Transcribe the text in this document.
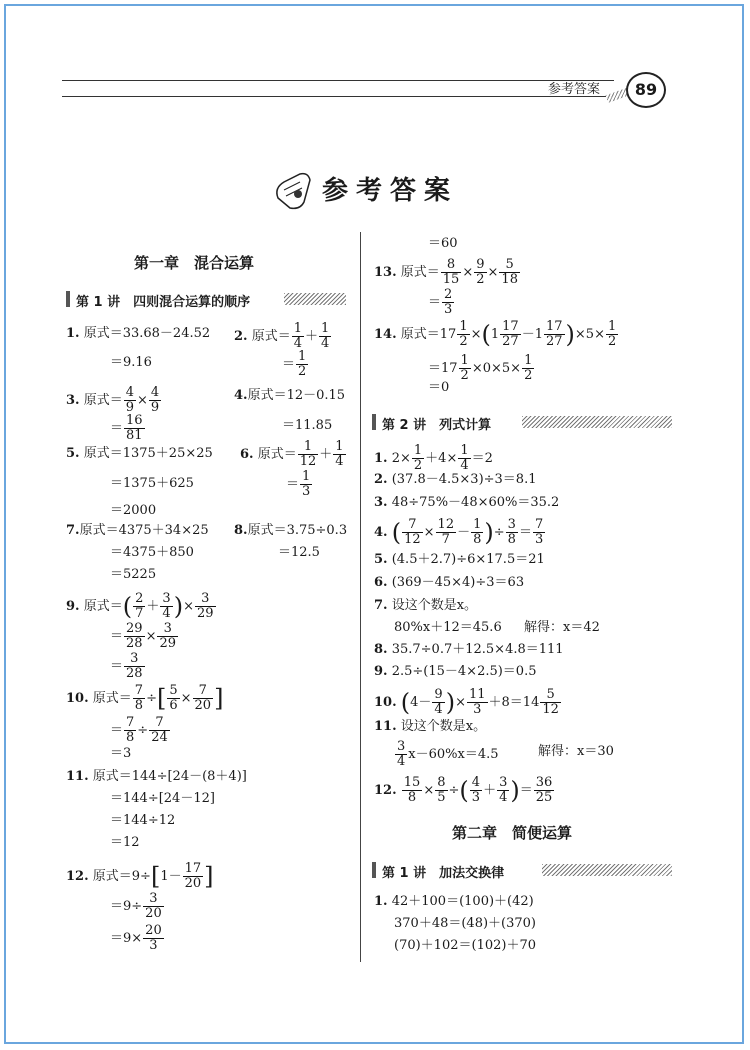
参考答案	89
参考答案
第一章　混合运算
第 1 讲　四则混合运算的顺序
1. 原式＝33.68－24.52
＝9.16
2. 原式＝ $\frac{1}{4} + \frac{1}{4}$
＝ $\frac{1}{2}$
3. 原式＝ $\frac{4}{9} \times \frac{4}{9}$
＝ $\frac{16}{81}$
4.原式＝12－0.15
＝11.85
5. 原式＝1375＋25×25
＝1375＋625
＝2000
6. 原式＝ $\frac{1}{12} + \frac{1}{4}$
＝ $\frac{1}{3}$
7.原式＝4375＋34×25
＝4375＋850
＝5225
8.原式＝3.75÷0.3
＝12.5
9. 原式＝( $\frac{2}{7} + \frac{3}{4}$ )× $\frac{3}{29}$
＝ $\frac{29}{28} \times \frac{3}{29}$
＝ $\frac{3}{28}$
10. 原式＝ $\frac{7}{8}$ ÷[ $\frac{5}{6} \times \frac{7}{20}$ ]
＝ $\frac{7}{8} \div \frac{7}{24}$
＝3
11. 原式＝144÷[24－(8＋4)]
＝144÷[24－12]
＝144÷12
＝12
12. 原式$=9\div[1- \frac{17}{20}$ ]
$=9\div \frac{3}{20}$
$=9\times \frac{20}{3}$
＝60
13. 原式＝ $\frac{8}{15} \times \frac{9}{2} \times \frac{5}{18}$
＝ $\frac{2}{3}$
14. 原式$=17 \frac{1}{2} \times(1 \frac{17}{27} -1 \frac{17}{27} )\times 5\times \frac{1}{2}$
$=17 \frac{1}{2} \times 0\times 5\times \frac{1}{2}$
＝0
第 2 讲　列式计算
1. $2\times \frac{1}{2} +4\times \frac{1}{4} =2$
2. (37.8－4.5×3)÷3＝8.1
3. 48÷75%－48×60%＝35.2
4. ( $\frac{7}{12} \times \frac{12}{7} - \frac{1}{8}$ )÷ $\frac{3}{8} = \frac{7}{3}$
5. (4.5＋2.7)÷6×17.5＝21
6. (369－45×4)÷3＝63
7. 设这个数是x。
80%x＋12＝45.6 解得：x＝42
8. 35.7÷0.7＋12.5×4.8＝111
9. 2.5÷(15－4×2.5)＝0.5
10. ($4- \frac{9}{4}$ )× $\frac{11}{3} +8=14 \frac{5}{12}$
11. 设这个数是x。
$\frac{3}{4} x-60\%x=4.5$	解得：x＝30
12. $\frac{15}{8} \times \frac{8}{5}$ ÷( $\frac{4}{3} + \frac{3}{4}$ )＝ $\frac{36}{25}$
第二章　简便运算
第 1 讲　加法交换律
1. 42＋100＝(100)＋(42)
370＋48＝(48)＋(370)
(70)＋102＝(102)＋70
